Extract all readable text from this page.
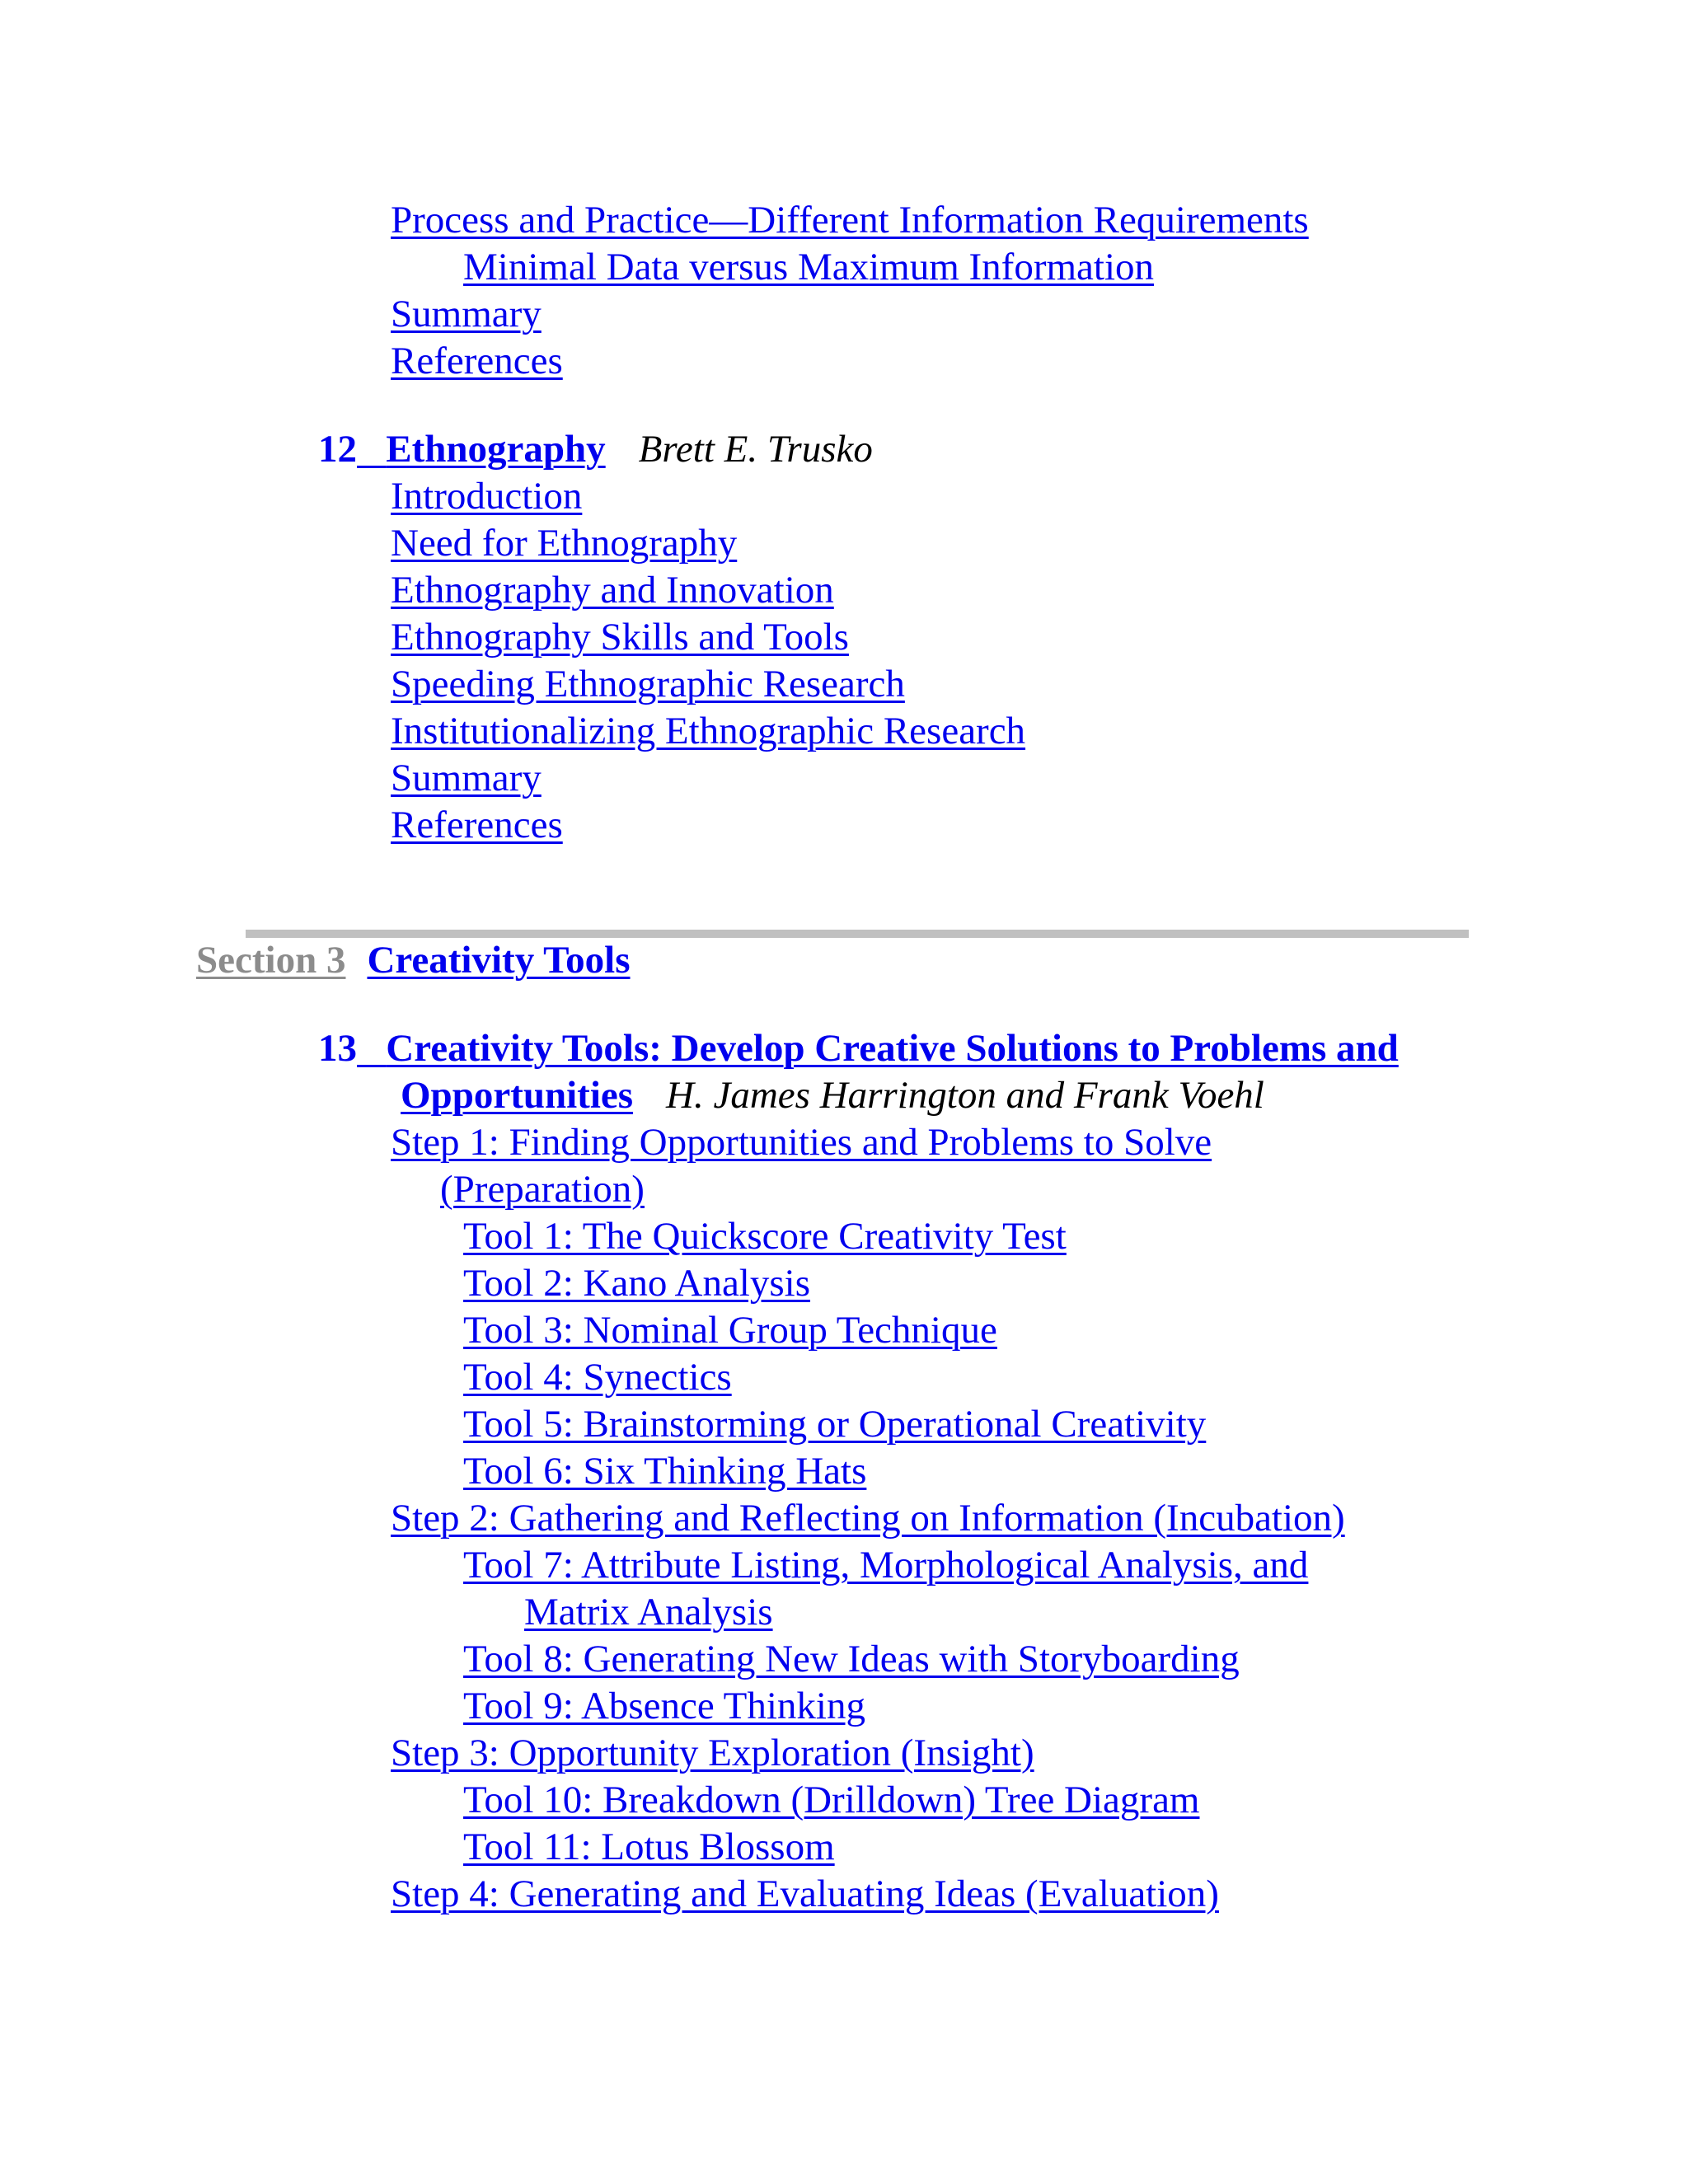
Process and Practice—Different Information Requirements
Minimal Data versus Maximum Information
Summary
References
12 Ethnography Brett E. Trusko
Introduction
Need for Ethnography
Ethnography and Innovation
Ethnography Skills and Tools
Speeding Ethnographic Research
Institutionalizing Ethnographic Research
Summary
References
Section 3 Creativity Tools
13 Creativity Tools: Develop Creative Solutions to Problems and
Opportunities H. James Harrington and Frank Voehl
Step 1: Finding Opportunities and Problems to Solve
(Preparation)
Tool 1: The Quickscore Creativity Test
Tool 2: Kano Analysis
Tool 3: Nominal Group Technique
Tool 4: Synectics
Tool 5: Brainstorming or Operational Creativity
Tool 6: Six Thinking Hats
Step 2: Gathering and Reflecting on Information (Incubation)
Tool 7: Attribute Listing, Morphological Analysis, and
Matrix Analysis
Tool 8: Generating New Ideas with Storyboarding
Tool 9: Absence Thinking
Step 3: Opportunity Exploration (Insight)
Tool 10: Breakdown (Drilldown) Tree Diagram
Tool 11: Lotus Blossom
Step 4: Generating and Evaluating Ideas (Evaluation)
